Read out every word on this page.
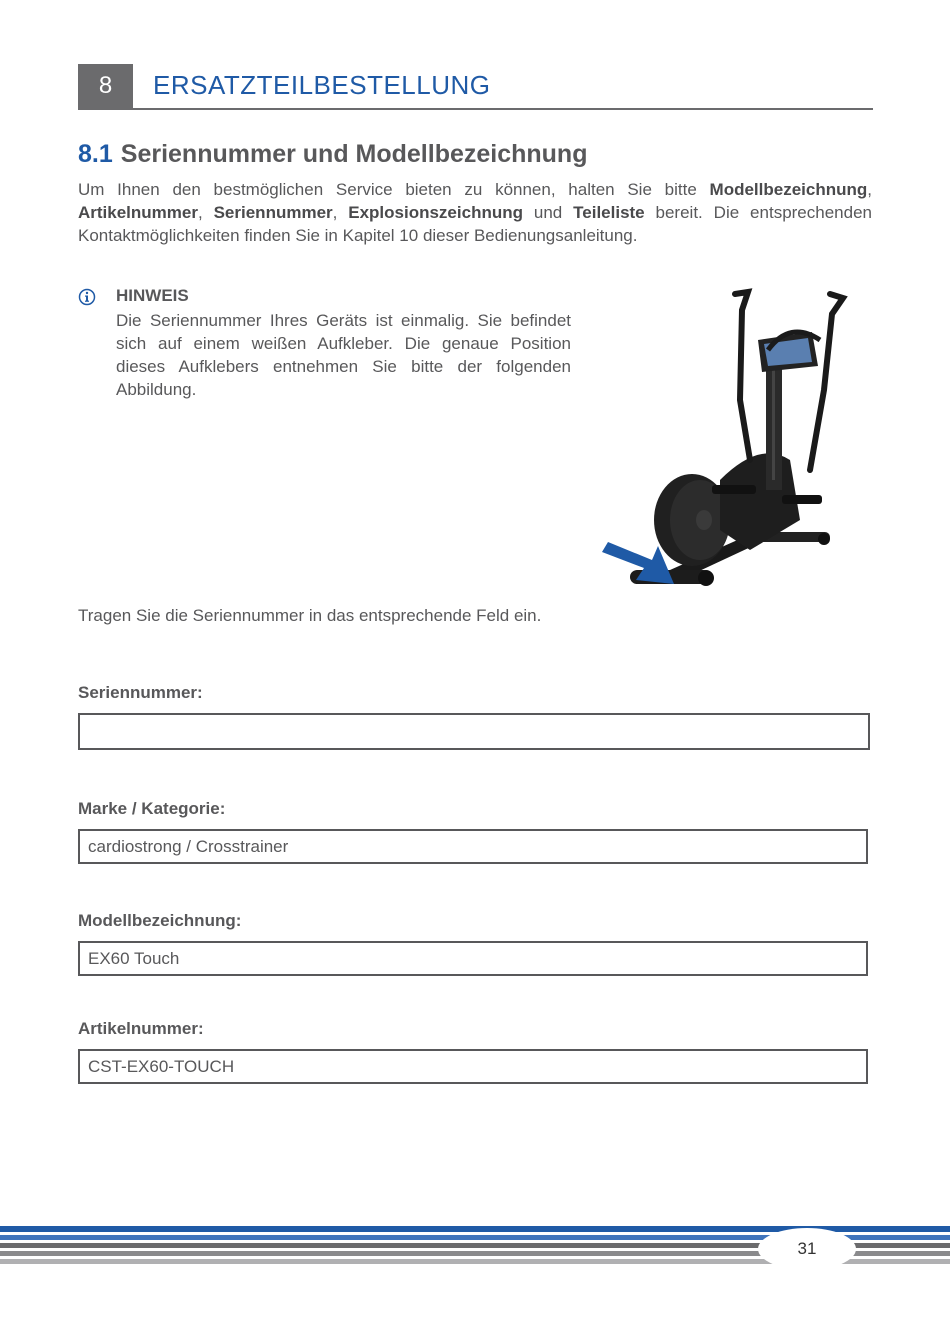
8	ERSATZTEILBESTELLUNG
8.1 Seriennummer und Modellbezeichnung
Um Ihnen den bestmöglichen Service bieten zu können, halten Sie bitte Modellbezeichnung, Artikelnummer, Seriennummer, Explosionszeichnung und Teileliste bereit. Die entsprechenden Kontaktmöglichkeiten finden Sie in Kapitel 10 dieser Bedienungsanleitung.
HINWEIS
Die Seriennummer Ihres Geräts ist einmalig. Sie befindet sich auf einem weißen Aufkleber. Die genaue Position dieses Aufklebers entnehmen Sie bitte der folgenden Abbildung.
Tragen Sie die Seriennummer in das entsprechende Feld ein.
Seriennummer:
Marke / Kategorie:
cardiostrong / Crosstrainer
Modellbezeichnung:
EX60 Touch
Artikelnummer:
CST-EX60-TOUCH
31
